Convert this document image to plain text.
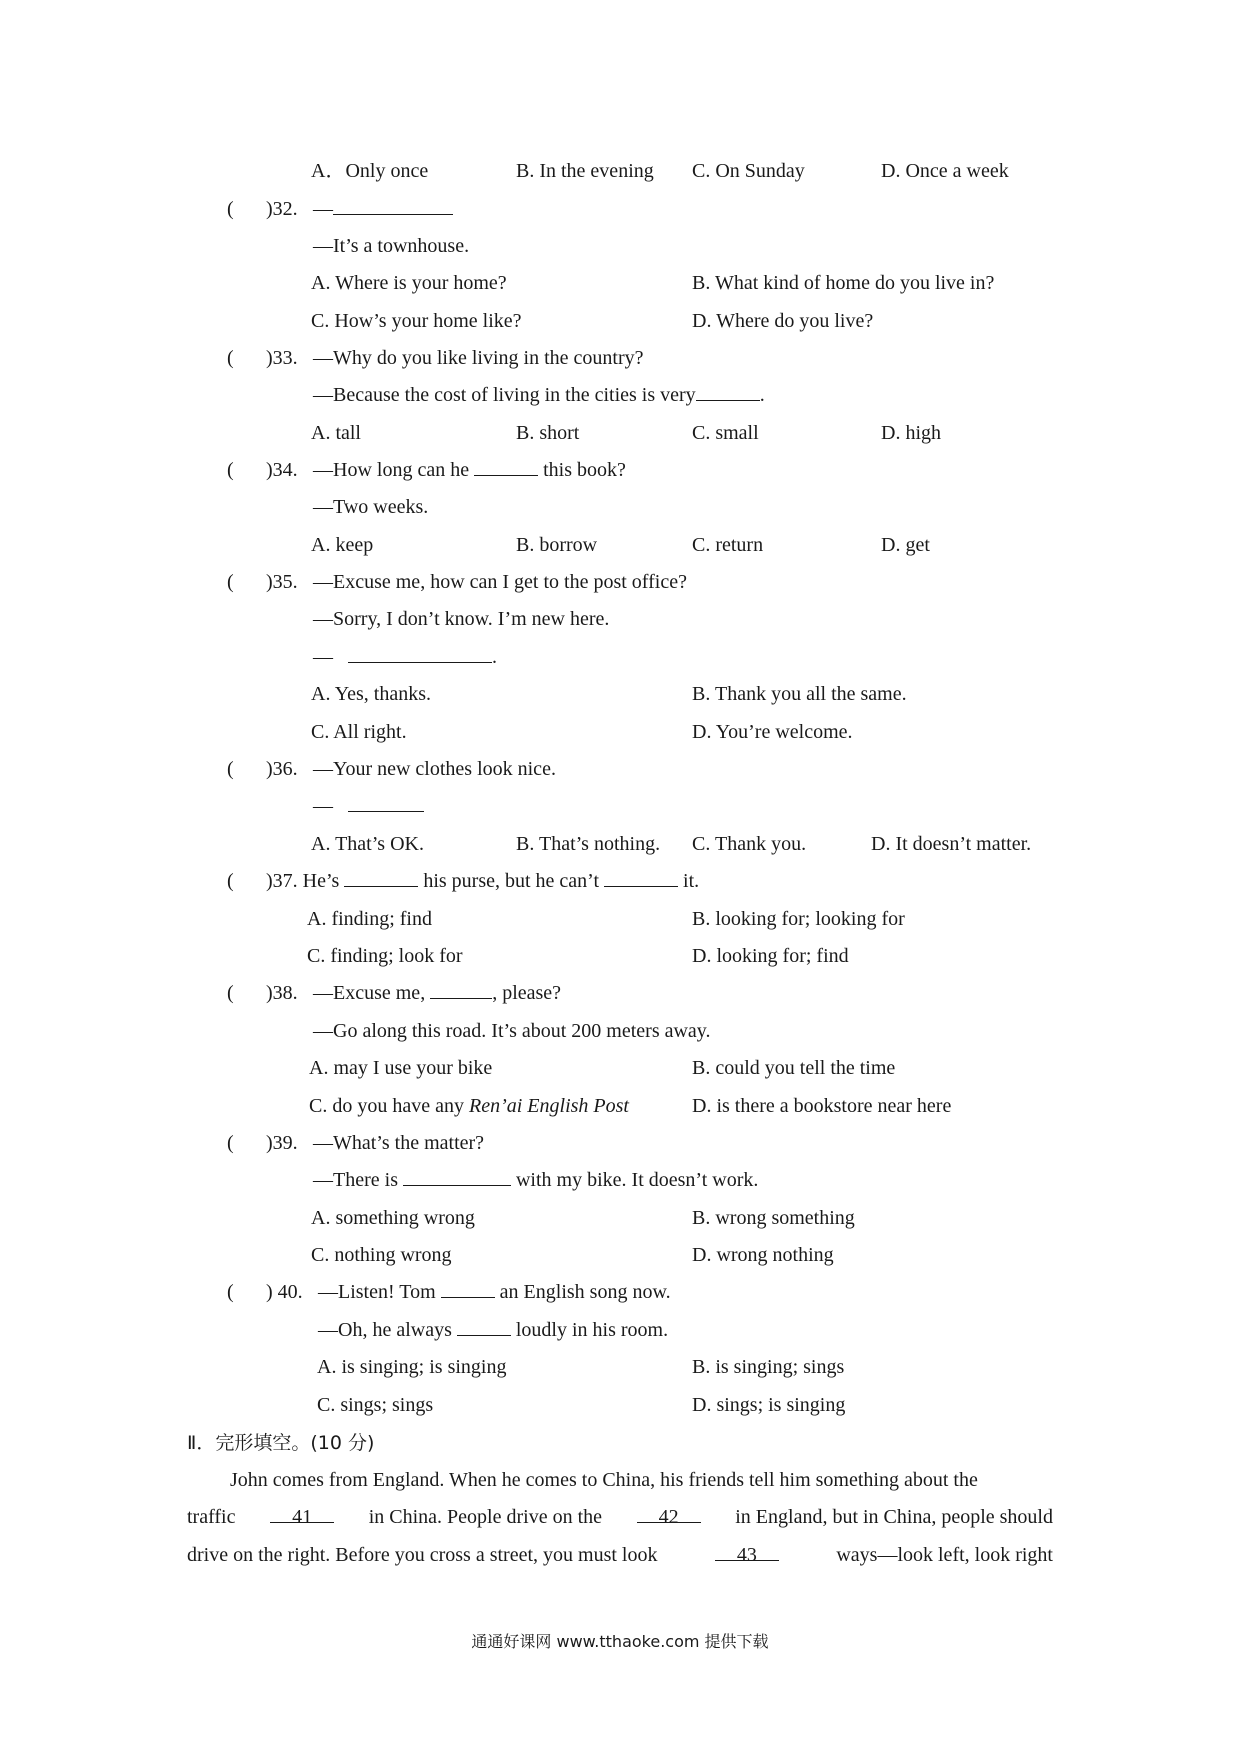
A．Only once	B. In the evening C. On Sunday	D. Once a week
( )32. —
—It’s a townhouse.
A. Where is your home?	B. What kind of home do you live in?
C. How’s your home like?	D. Where do you live?
( )33. —Why do you like living in the country?
—Because the cost of living in the cities is very	.
A. tall	B. short	C. small	D. high
( )34. —How long can he	this book?
—Two weeks.
A. keep	B. borrow	C. return	D. get
( )35. —Excuse me, how can I get to the post office?
—Sorry, I don’t know. I’m new here.
—	.
A. Yes, thanks.	B. Thank you all the same.
C. All right.	D. You’re welcome.
( )36. —Your new clothes look nice.
—
A. That’s OK.	B. That’s nothing. C. Thank you.	D. It doesn’t matter.
( )37. He’s	his purse, but he can’t	it.
A. finding; find	B. looking for; looking for
C. finding; look for	D. looking for; find
( )38. —Excuse me,	, please?
—Go along this road. It’s about 200 meters away.
A. may I use your bike	B. could you tell the time
C. do you have any Ren’ai English Post	D. is there a bookstore near here
( )39. —What’s the matter?
—There is	with my bike. It doesn’t work.
A. something wrong	B. wrong something
C. nothing wrong	D. wrong nothing
( ) 40. —Listen! Tom	an English song now.
—Oh, he always	loudly in his room.
A. is singing; is singing	B. is singing; sings
C. sings; sings	D. sings; is singing
Ⅱ．完形填空。(10 分)
John comes from England. When he comes to China, his friends tell him something about the
traffic	41	in China. People drive on the	42	in England, but in China, people should
drive on the right. Before you cross a street, you must look	43	ways—look left, look right
通通好课网 www.tthaoke.com 提供下载
